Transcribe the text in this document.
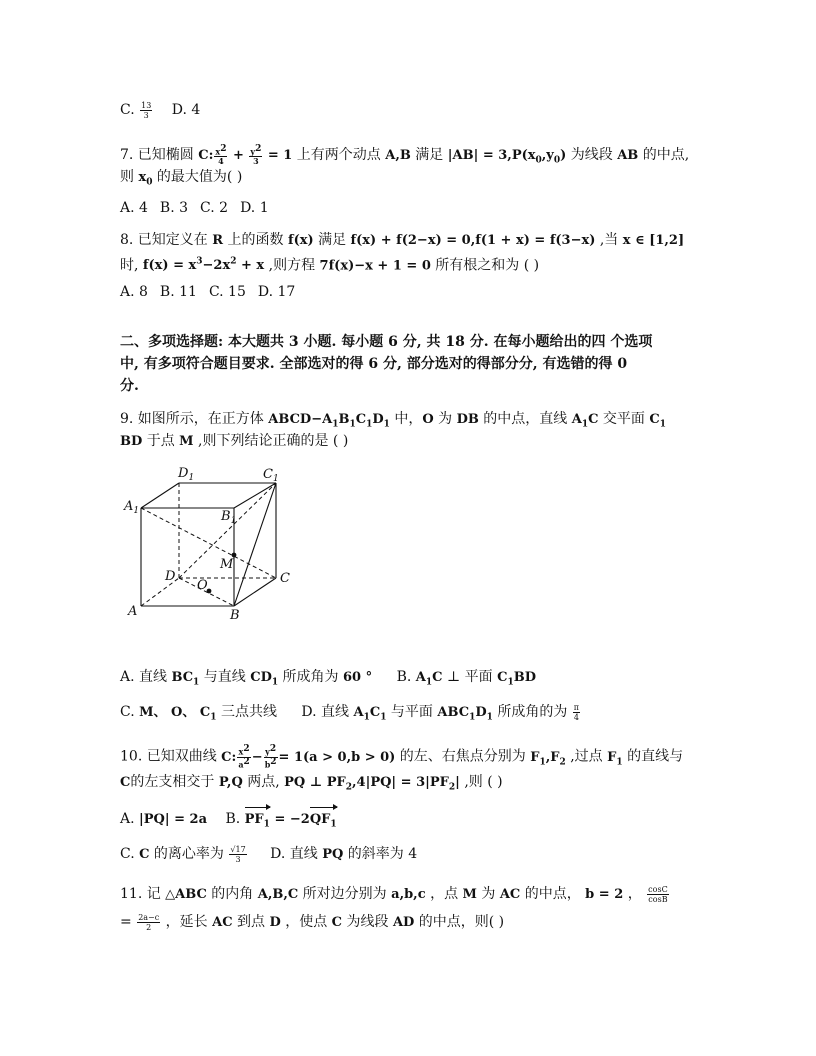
C. $\frac{13}{3} D$. 4
7. 已知椭圆 C: $\frac{x^2}{4} + \frac{y^2}{3} = 1$ 上有两个动点 A,B 满足 $|AB| = 3,P(x_0,y_0)$ 为线段 AB 的中点,
则 $x_0$ 的最大值为( )
A. 4 B. 3 C. 2 D. 1
8. 已知定义在 R 上的函数 f(x) 满足 f(x) + f(2−x) = 0,f(1 + x) = f(3−x) ,当 x ∈ [1,2]
时, $f(x) = x^3-2x^2 + x$ ,则方程 7f(x)−x + 1 = 0 所有根之和为 ( )
A. 8 B. 11 C. 15 D. 17
二、多项选择题: 本大题共 3 小题. 每小题 6 分, 共 18 分. 在每小题给出的四 个选项
中, 有多项符合题目要求. 全部选对的得 6 分, 部分选对的得部分分, 有选错的得 0
分.
9. 如图所示，在正方体 $ABCD-A_1B_1C_1D_1$ 中，O 为 DB 的中点，直线 $A_1C$ 交平面 $C_1$
BD 于点 M ,则下列结论正确的是 ( )
A	B
C
D
$A_1$	$B_1$
$C_1$
$D_1$
M
O
A. 直线 $BC_1$ 与直线 $CD_1$ 所成角为 60 ° B. $A_1C$ ⊥ 平面 $C_1BD$
C. M、 O、 $C_1$ 三点共线 D. 直线 $A_1C_1$ 与平面 $ABC_1D_1$ 所成角的为 $\frac{\pi}{4}$
10. 已知双曲线 C: $\frac{x^2}{a^2} - \frac{y^2}{b^2} = 1(a > 0,b > 0)$ 的左、右焦点分别为 $F_1,F_2$ ,过点 $F_1$ 的直线与
C的左支相交于 P,Q 两点, PQ ⊥ $PF_2,4|PQ| = 3|PF_2|$ ,则 ( )
A. |PQ| = 2a B. $PF_1 = -2QF_1$
C. C 的离心率为 $\frac{√17}{3} D$. 直线 PQ 的斜率为 4
11. 记 △ABC 的内角 A,B,C 所对边分别为 a,b,c ，点 M 为 AC 的中点， b = 2 ， $\frac{\cos C}{\cos B}$
= $\frac{2a-c}{2}$ ，延长 AC 到点 D ，使点 C 为线段 AD 的中点，则( )
